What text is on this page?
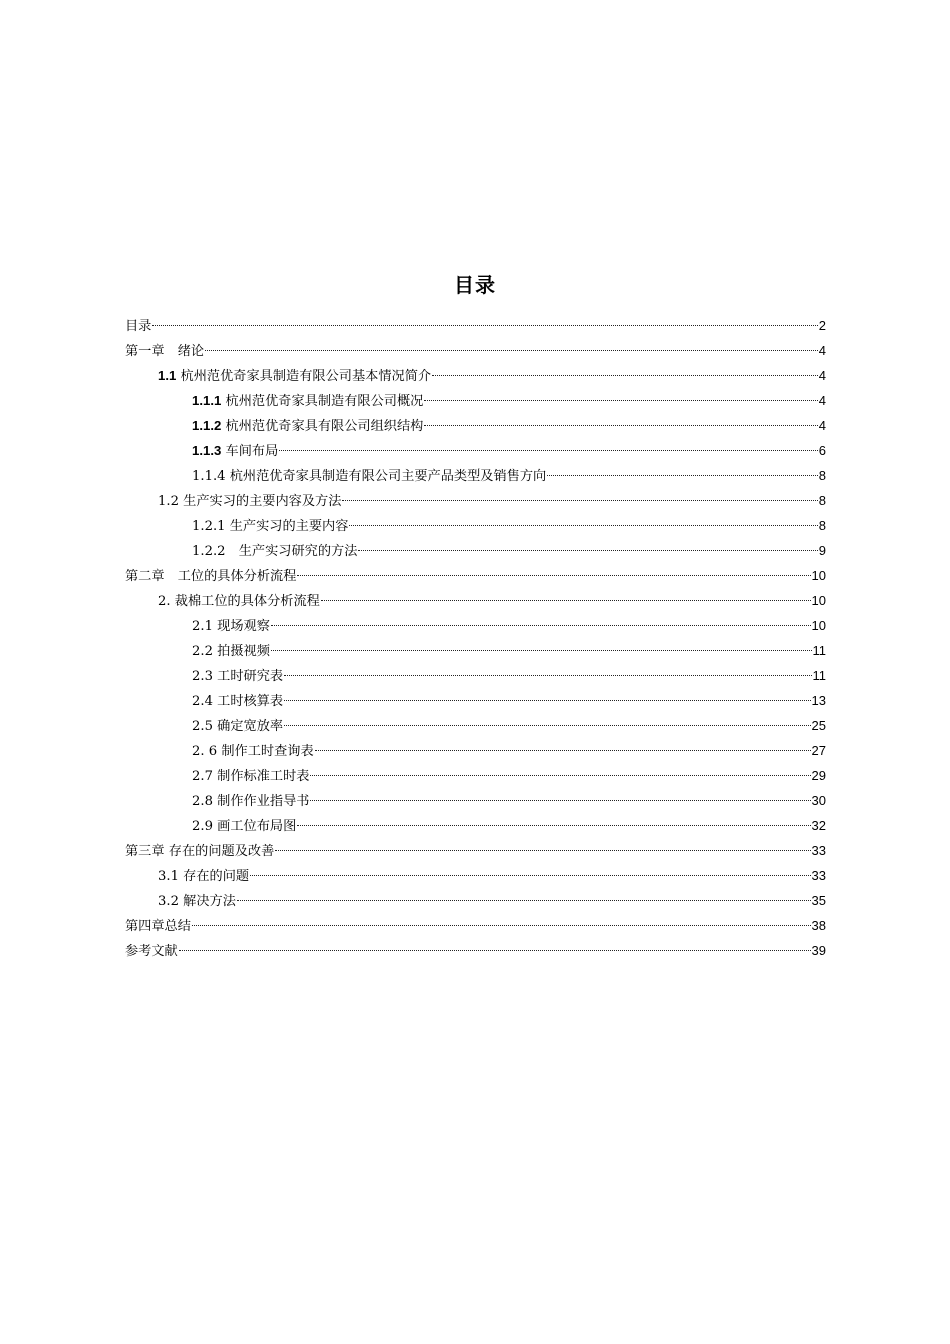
目录
目录	2
第一章　绪论	4
1.1 杭州范优奇家具制造有限公司基本情况简介	4
1.1.1 杭州范优奇家具制造有限公司概况	4
1.1.2 杭州范优奇家具有限公司组织结构	4
1.1.3 车间布局	6
1.1.4 杭州范优奇家具制造有限公司主要产品类型及销售方向	8
1.2 生产实习的主要内容及方法	8
1.2.1 生产实习的主要内容	8
1.2.2　生产实习研究的方法	9
第二章　工位的具体分析流程	10
2. 裁棉工位的具体分析流程	10
2.1 现场观察	10
2.2 拍摄视频	11
2.3 工时研究表	11
2.4 工时核算表	13
2.5 确定宽放率	25
2. 6 制作工时查询表	27
2.7 制作标准工时表	29
2.8 制作作业指导书	30
2.9 画工位布局图	32
第三章 存在的问题及改善	33
3.1 存在的问题	33
3.2 解决方法	35
第四章总结	38
参考文献	39
